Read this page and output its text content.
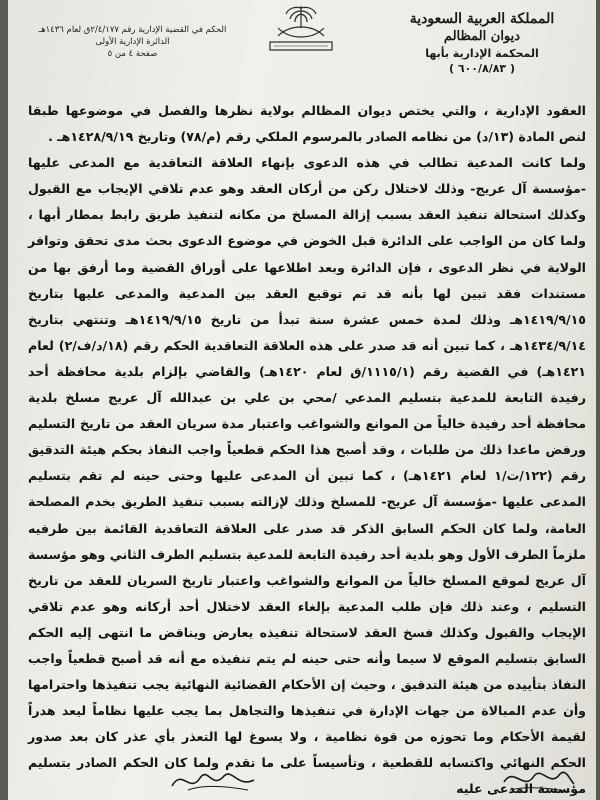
المملكة العربية السعودية
ديوان المظالم
المحكمة الإدارية بأبها
( ٦٠٠/٨/٨٣ )
الحكم في القضية الإدارية رقم ٢/٤/١٧٧ق لعام ١٤٣٦هـ
الدائرة الإدارية الأولى
صفحة ٤ من ٥

العقود الإدارية ، والتي يختص ديوان المظالم بولاية نظرها والفصل في موضوعها طبقا لنص المادة (١٣/د) من نظامه الصادر بالمرسوم الملكي رقم (م/٧٨) وتاريخ ١٤٢٨/٩/١٩هـ .

ولما كانت المدعية تطالب في هذه الدعوى بإنهاء العلاقة التعاقدية مع المدعى عليها -مؤسسة آل عريج- وذلك لاختلال ركن من أركان العقد وهو عدم تلاقي الإيجاب مع القبول وكذلك استحالة تنفيذ العقد بسبب إزالة المسلخ من مكانه لتنفيذ طريق رابط بمطار أبها ، ولما كان من الواجب على الدائرة قبل الخوض في موضوع الدعوى بحث مدى تحقق وتوافر الولاية في نظر الدعوى ، فإن الدائرة وبعد اطلاعها على أوراق القضية وما أرفق بها من مستندات فقد تبين لها بأنه قد تم توقيع العقد بين المدعية والمدعى عليها بتاريخ ١٤١٩/٩/١٥هـ وذلك لمدة خمس عشرة سنة تبدأ من تاريخ ١٤١٩/٩/١٥هـ وتنتهي بتاريخ ١٤٣٤/٩/١٤هـ ، كما تبين أنه قد صدر على هذه العلاقة التعاقدية الحكم رقم (١٨/د/ف/٢) لعام ١٤٢١هـ) في القضية رقم (١١١٥/١/ق لعام ١٤٢٠هـ) والقاضي بإلزام بلدية محافظة أحد رفيدة التابعة للمدعية بتسليم المدعي /محي بن علي بن عبدالله آل عريج مسلخ بلدية محافظة أحد رفيدة خالياً من الموانع والشواغب واعتبار مدة سريان العقد من تاريخ التسليم ورفض ماعدا ذلك من طلبات ، وقد أصبح هذا الحكم قطعياً واجب النفاذ بحكم هيئة التدقيق رقم (١٢٢/ت/١ لعام ١٤٢١هـ) ، كما تبين أن المدعى عليها وحتى حينه لم تقم بتسليم المدعى عليها -مؤسسة آل عريج- للمسلخ وذلك لإزالته بسبب تنفيذ الطريق بخدم المصلحة العامة، ولما كان الحكم السابق الذكر قد صدر على العلاقة التعاقدية القائمة بين طرفيه ملزماً الطرف الأول وهو بلدية أحد رفيدة التابعة للمدعية بتسليم الطرف الثاني وهو مؤسسة آل عريج لموقع المسلخ خالياً من الموانع والشواغب واعتبار تاريخ السريان للعقد من تاريخ التسليم ، وعند ذلك فإن طلب المدعية بإلغاء العقد لاختلال أحد أركانه وهو عدم تلاقي الإيجاب والقبول وكذلك فسخ العقد لاستحالة تنفيذه يعارض ويناقض ما انتهى إليه الحكم السابق بتسليم الموقع لا سيما وأنه حتى حينه لم يتم تنفيذه مع أنه قد أصبح قطعياً واجب النفاذ بتأييده من هيئة التدقيق ، وحيث إن الأحكام القضائية النهائية يجب تنفيذها واحترامها وأن عدم المبالاة من جهات الإدارة في تنفيذها والتجاهل بما يجب عليها نظاماً ليعد هدراً لقيمة الأحكام وما تحوزه من قوة نظامية ، ولا يسوغ لها التعذر بأي عذر كان بعد صدور الحكم النهائي واكتسابه للقطعية ، وتأسيساً على ما تقدم ولما كان الحكم الصادر بتسليم مؤسسة المدعى عليه
